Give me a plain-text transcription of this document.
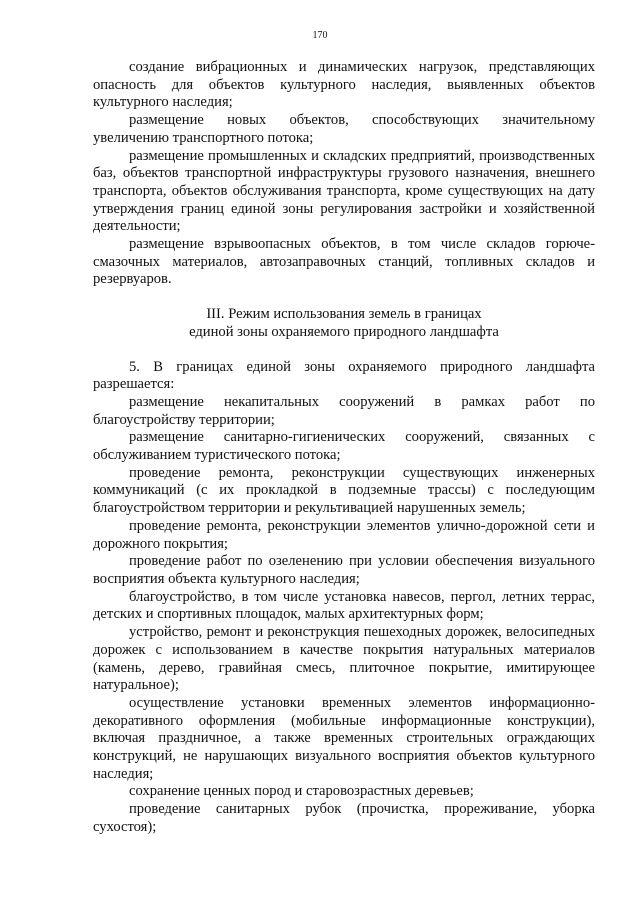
170

создание вибрационных и динамических нагрузок, представляющих опасность для объектов культурного наследия, выявленных объектов культурного наследия;

размещение новых объектов, способствующих значительному увеличению транспортного потока;

размещение промышленных и складских предприятий, производственных баз, объектов транспортной инфраструктуры грузового назначения, внешнего транспорта, объектов обслуживания транспорта, кроме существующих на дату утверждения границ единой зоны регулирования застройки и хозяйственной деятельности;

размещение взрывоопасных объектов, в том числе складов горюче-смазочных материалов, автозаправочных станций, топливных складов и резервуаров.

III. Режим использования земель в границах
единой зоны охраняемого природного ландшафта

5. В границах единой зоны охраняемого природного ландшафта разрешается:

размещение некапитальных сооружений в рамках работ по благоустройству территории;

размещение санитарно-гигиенических сооружений, связанных с обслуживанием туристического потока;

проведение ремонта, реконструкции существующих инженерных коммуникаций (с их прокладкой в подземные трассы) с последующим благоустройством территории и рекультивацией нарушенных земель;

проведение ремонта, реконструкции элементов улично-дорожной сети и дорожного покрытия;

проведение работ по озеленению при условии обеспечения визуального восприятия объекта культурного наследия;

благоустройство, в том числе установка навесов, пергол, летних террас, детских и спортивных площадок, малых архитектурных форм;

устройство, ремонт и реконструкция пешеходных дорожек, велосипедных дорожек с использованием в качестве покрытия натуральных материалов (камень, дерево, гравийная смесь, плиточное покрытие, имитирующее натуральное);

осуществление установки временных элементов информационно-декоративного оформления (мобильные информационные конструкции), включая праздничное, а также временных строительных ограждающих конструкций, не нарушающих визуального восприятия объектов культурного наследия;

сохранение ценных пород и старовозрастных деревьев;

проведение санитарных рубок (прочистка, прореживание, уборка сухостоя);
